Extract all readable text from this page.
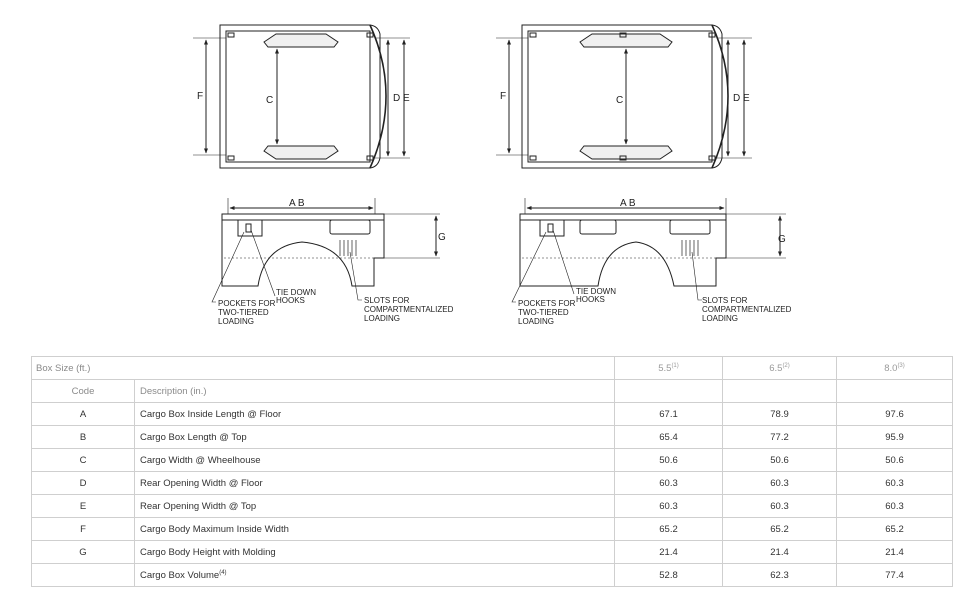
F	C	D E	F	C	D E
A B
G
TIE DOWN
HOOKS
POCKETS FOR
TWO-TIERED
LOADING
SLOTS FOR
COMPARTMENTALIZED
LOADING
A B
G
TIE DOWN
HOOKS
POCKETS FOR
TWO-TIERED
LOADING
SLOTS FOR
COMPARTMENTALIZED
LOADING
Box Size (ft.)		5.5$^{(1)}$	6.5$^{(2)}$	8.0$^{(3)}$
Code	Description (in.)			
A	Cargo Box Inside Length @ Floor	67.1	78.9	97.6
B	Cargo Box Length @ Top	65.4	77.2	95.9
C	Cargo Width @ Wheelhouse	50.6	50.6	50.6
D	Rear Opening Width @ Floor	60.3	60.3	60.3
E	Rear Opening Width @ Top	60.3	60.3	60.3
F	Cargo Body Maximum Inside Width	65.2	65.2	65.2
G	Cargo Body Height with Molding	21.4	21.4	21.4
	Cargo Box Volume$^{(4)}$	52.8	62.3	77.4
